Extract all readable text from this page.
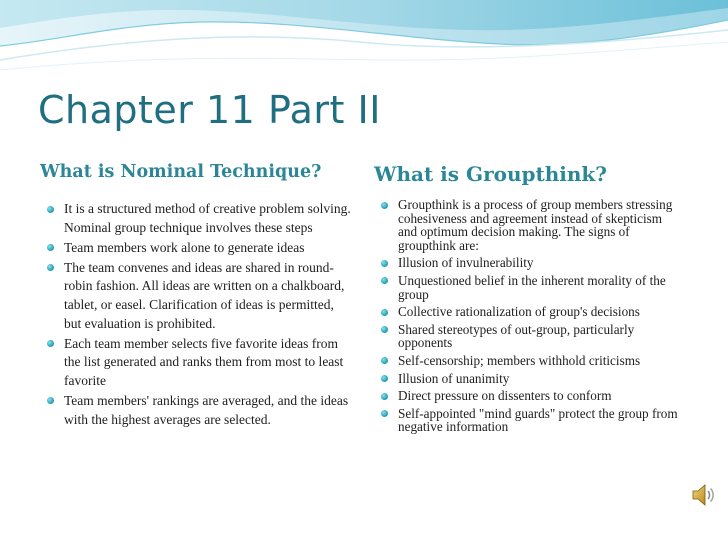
Chapter 11 Part II
What is Nominal Technique?	What is Groupthink?
It is a structured method of creative problem solving. Nominal group technique involves these steps
Team members work alone to generate ideas
The team convenes and ideas are shared in round-robin fashion. All ideas are written on a chalkboard, tablet, or easel. Clarification of ideas is permitted, but evaluation is prohibited.
Each team member selects five favorite ideas from the list generated and ranks them from most to least favorite
Team members' rankings are averaged, and the ideas with the highest averages are selected.
Groupthink is a process of group members stressing cohesiveness and agreement instead of skepticism and optimum decision making. The signs of groupthink are:
Illusion of invulnerability
Unquestioned belief in the inherent morality of the group
Collective rationalization of group's decisions
Shared stereotypes of out-group, particularly opponents
Self-censorship; members withhold criticisms
Illusion of unanimity
Direct pressure on dissenters to conform
Self-appointed "mind guards" protect the group from negative information
